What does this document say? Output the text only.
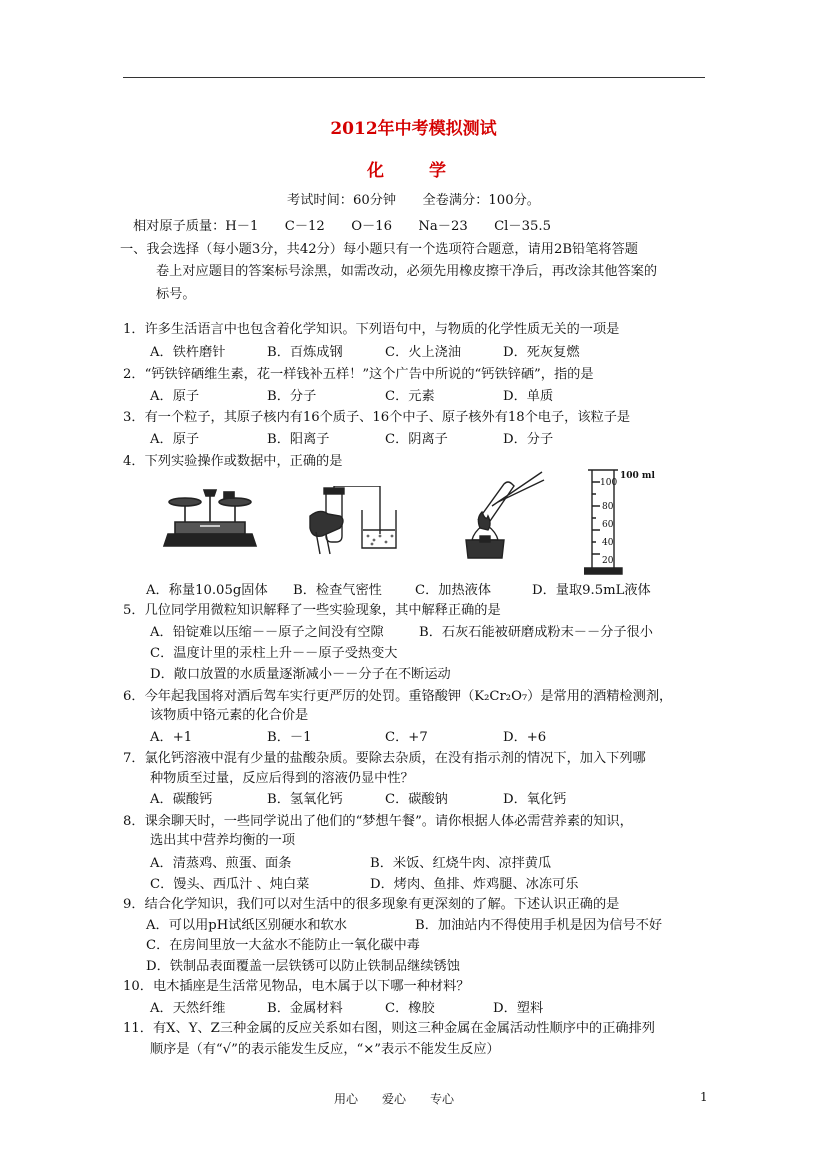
2012年中考模拟测试
化　学
考试时间：60分钟　　全卷满分：100分。
相对原子质量：H－1　　C－12　　O－16　　Na－23　　Cl－35.5
一、我会选择（每小题3分，共42分）每小题只有一个选项符合题意，请用2B铅笔将答题
卷上对应题目的答案标号涂黑，如需改动，必须先用橡皮擦干净后，再改涂其他答案的
标号。
1．许多生活语言中也包含着化学知识。下列语句中，与物质的化学性质无关的一项是
A．铁杵磨针	B．百炼成钢	C．火上浇油	D．死灰复燃
2．“钙铁锌硒维生素，花一样钱补五样！”这个广告中所说的“钙铁锌硒”，指的是
A．原子	B．分子	C．元素	D．单质
3．有一个粒子，其原子核内有16个质子、16个中子、原子核外有18个电子，该粒子是
A．原子	B．阳离子	C．阴离子	D．分子
4．下列实验操作或数据中，正确的是
100
80
60
40
20
100 ml
A．称量10.05g固体 B．检查气密性	C．加热液体	D．量取9.5mL液体
5．几位同学用微粒知识解释了一些实验现象，其中解释正确的是
A．铅锭难以压缩－－原子之间没有空隙	B．石灰石能被研磨成粉末－－分子很小
C．温度计里的汞柱上升－－原子受热变大
D．敞口放置的水质量逐渐减小－－分子在不断运动
6．今年起我国将对酒后驾车实行更严厉的处罚。重铬酸钾（K₂Cr₂O₇）是常用的酒精检测剂，
该物质中铬元素的化合价是
A．+1	B．－1	C．+7	D．+6
7．氯化钙溶液中混有少量的盐酸杂质。要除去杂质，在没有指示剂的情况下，加入下列哪
种物质至过量，反应后得到的溶液仍显中性？
A．碳酸钙	B．氢氧化钙	C．碳酸钠	D．氧化钙
8．课余聊天时，一些同学说出了他们的“梦想午餐”。请你根据人体必需营养素的知识，
选出其中营养均衡的一项
A．清蒸鸡、煎蛋、面条	B．米饭、红烧牛肉、凉拌黄瓜
C．馒头、西瓜汁 、炖白菜	D．烤肉、鱼排、炸鸡腿、冰冻可乐
9．结合化学知识，我们可以对生活中的很多现象有更深刻的了解。下述认识正确的是
A．可以用pH试纸区别硬水和软水	B．加油站内不得使用手机是因为信号不好
C．在房间里放一大盆水不能防止一氧化碳中毒
D．铁制品表面覆盖一层铁锈可以防止铁制品继续锈蚀
10．电木插座是生活常见物品，电木属于以下哪一种材料？
A．天然纤维	B．金属材料	C．橡胶	D．塑料
11．有X、Y、Z三种金属的反应关系如右图，则这三种金属在金属活动性顺序中的正确排列
顺序是（有“√”的表示能发生反应，“×”表示不能发生反应）
用心　　爱心　　专心	1
